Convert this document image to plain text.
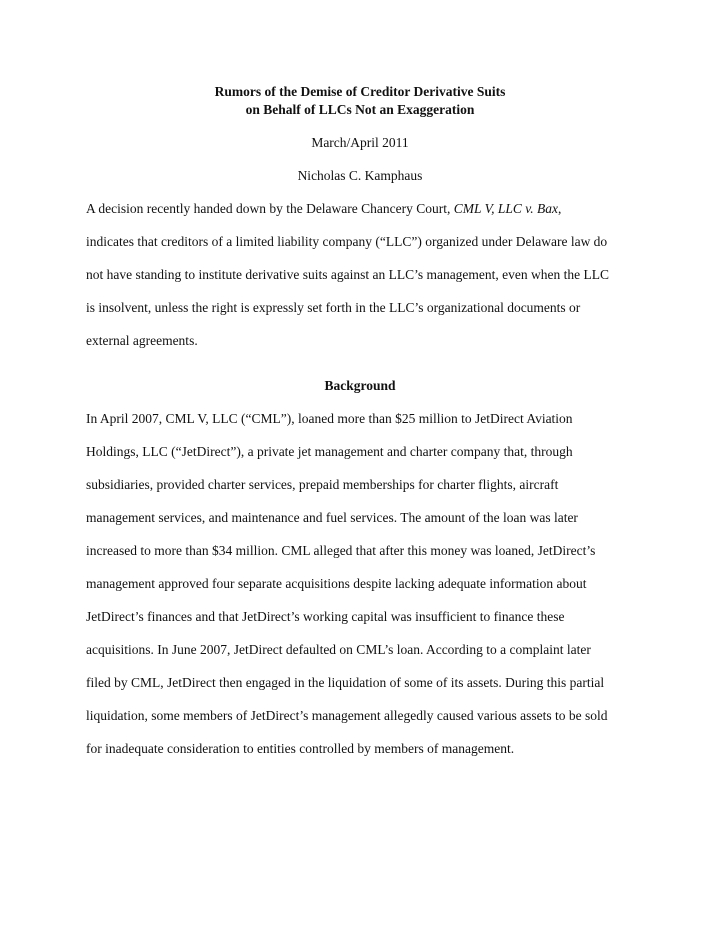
Rumors of the Demise of Creditor Derivative Suits
on Behalf of LLCs Not an Exaggeration
March/April 2011
Nicholas C. Kamphaus
A decision recently handed down by the Delaware Chancery Court, CML V, LLC v. Bax,
indicates that creditors of a limited liability company (“LLC”) organized under Delaware law do
not have standing to institute derivative suits against an LLC’s management, even when the LLC
is insolvent, unless the right is expressly set forth in the LLC’s organizational documents or
external agreements.
Background
In April 2007, CML V, LLC (“CML”), loaned more than $25 million to JetDirect Aviation
Holdings, LLC (“JetDirect”), a private jet management and charter company that, through
subsidiaries, provided charter services, prepaid memberships for charter flights, aircraft
management services, and maintenance and fuel services. The amount of the loan was later
increased to more than $34 million. CML alleged that after this money was loaned, JetDirect’s
management approved four separate acquisitions despite lacking adequate information about
JetDirect’s finances and that JetDirect’s working capital was insufficient to finance these
acquisitions. In June 2007, JetDirect defaulted on CML’s loan. According to a complaint later
filed by CML, JetDirect then engaged in the liquidation of some of its assets. During this partial
liquidation, some members of JetDirect’s management allegedly caused various assets to be sold
for inadequate consideration to entities controlled by members of management.
